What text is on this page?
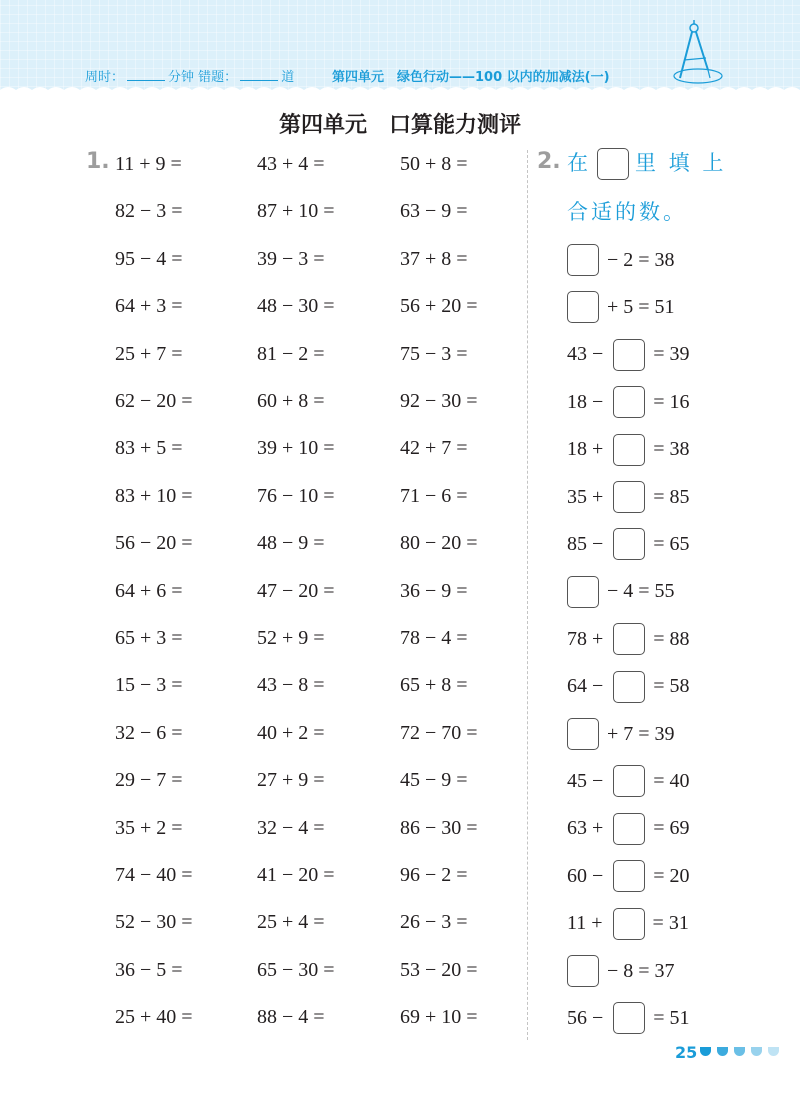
周时：	分钟 错题：	道	第四单元　绿色行动——100 以内的加减法(一)
第四单元　口算能力测评
1. 11 + 9 =	43 + 4 =	50 + 8 =
82 − 3 =	87 + 10 =	63 − 9 =
95 − 4 =	39 − 3 =	37 + 8 =
64 + 3 =	48 − 30 =	56 + 20 =
25 + 7 =	81 − 2 =	75 − 3 =
62 − 20 =	60 + 8 =	92 − 30 =
83 + 5 =	39 + 10 =	42 + 7 =
83 + 10 =	76 − 10 =	71 − 6 =
56 − 20 =	48 − 9 =	80 − 20 =
64 + 6 =	47 − 20 =	36 − 9 =
65 + 3 =	52 + 9 =	78 − 4 =
15 − 3 =	43 − 8 =	65 + 8 =
32 − 6 =	40 + 2 =	72 − 70 =
29 − 7 =	27 + 9 =	45 − 9 =
35 + 2 =	32 − 4 =	86 − 30 =
74 − 40 =	41 − 20 =	96 − 2 =
52 − 30 =	25 + 4 =	26 − 3 =
36 − 5 =	65 − 30 =	53 − 20 =
25 + 40 =	88 − 4 =	69 + 10 =
2. 在 里 填 上
合适的数。
− 2 = 38
+ 5 = 51
43 −	= 39
18 −	= 16
18 +	= 38
35 +	= 85
85 −	= 65
− 4 = 55
78 +	= 88
64 −	= 58
+ 7 = 39
45 −	= 40
63 +	= 69
60 −	= 20
11 +	= 31
− 8 = 37
56 −	= 51
25
